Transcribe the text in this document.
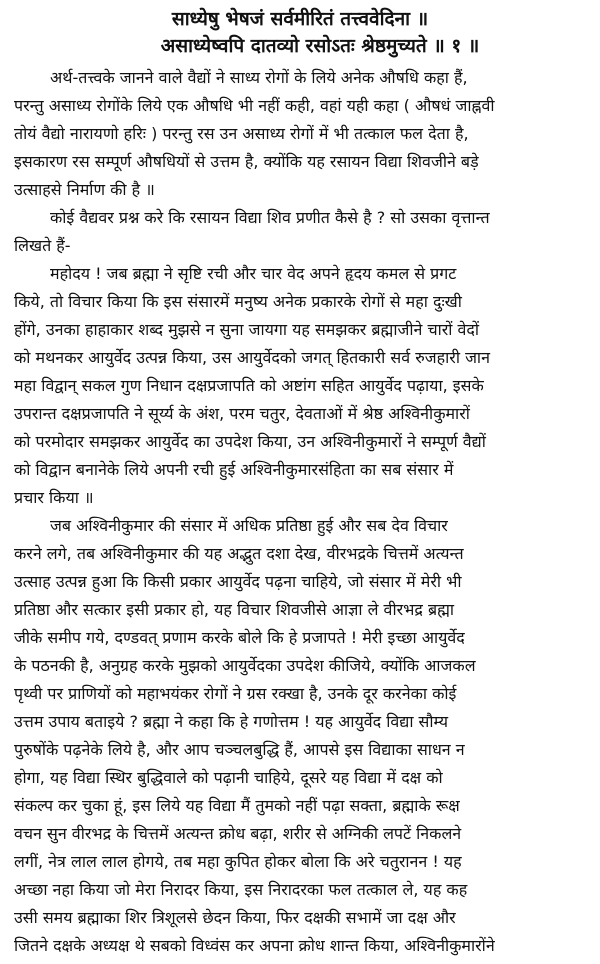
साध्येषु भेषजं सर्वमीरितं तत्त्ववेदिना ॥
असाध्येष्वपि दातव्यो रसोऽतः श्रेष्ठमुच्यते ॥ १ ॥

अर्थ-तत्त्वके जानने वाले वैद्यों ने साध्य रोगों के लिये अनेक औषधि कहा हैं,
परन्तु असाध्य रोगोंके लिये एक औषधि भी नहीं कही, वहां यही कहा ( औषधं जाह्नवी
तोयं वैद्यो नारायणो हरिः ) परन्तु रस उन असाध्य रोगों में भी तत्काल फल देता है,
इसकारण रस सम्पूर्ण औषधियों से उत्तम है, क्योंकि यह रसायन विद्या शिवजीने बड़े
उत्साहसे निर्माण की है ॥

कोई वैद्यवर प्रश्न करे कि रसायन विद्या शिव प्रणीत कैसे है ? सो उसका वृत्तान्त
लिखते हैं-

महोदय ! जब ब्रह्मा ने सृष्टि रची और चार वेद अपने हृदय कमल से प्रगट
किये, तो विचार किया कि इस संसारमें मनुष्य अनेक प्रकारके रोगों से महा दुःखी
होंगे, उनका हाहाकार शब्द मुझसे न सुना जायगा यह समझकर ब्रह्माजीने चारों वेदों
को मथनकर आयुर्वेद उत्पन्न किया, उस आयुर्वेदको जगत् हितकारी सर्व रुजहारी जान
महा विद्वान् सकल गुण निधान दक्षप्रजापति को अष्टांग सहित आयुर्वेद पढ़ाया, इसके
उपरान्त दक्षप्रजापति ने सूर्य्य के अंश, परम चतुर, देवताओं में श्रेष्ठ अश्विनीकुमारों
को परमोदार समझकर आयुर्वेद का उपदेश किया, उन अश्विनीकुमारों ने सम्पूर्ण वैद्यों
को विद्वान बनानेके लिये अपनी रची हुई अश्विनीकुमारसंहिता का सब संसार में
प्रचार किया ॥

जब अश्विनीकुमार की संसार में अधिक प्रतिष्ठा हुई और सब देव विचार
करने लगे, तब अश्विनीकुमार की यह अद्भुत दशा देख, वीरभद्रके चित्तमें अत्यन्त
उत्साह उत्पन्न हुआ कि किसी प्रकार आयुर्वेद पढ़ना चाहिये, जो संसार में मेरी भी
प्रतिष्ठा और सत्कार इसी प्रकार हो, यह विचार शिवजीसे आज्ञा ले वीरभद्र ब्रह्मा
जीके समीप गये, दण्डवत् प्रणाम करके बोले कि हे प्रजापते ! मेरी इच्छा आयुर्वेद
के पठनकी है, अनुग्रह करके मुझको आयुर्वेदका उपदेश कीजिये, क्योंकि आजकल
पृथ्वी पर प्राणियों को महाभयंकर रोगों ने ग्रस रक्खा है, उनके दूर करनेका कोई
उत्तम उपाय बताइये ? ब्रह्मा ने कहा कि हे गणोत्तम ! यह आयुर्वेद विद्या सौम्य
पुरुषोंके पढ़नेके लिये है, और आप चञ्चलबुद्धि हैं, आपसे इस विद्याका साधन न
होगा, यह विद्या स्थिर बुद्धिवाले को पढ़ानी चाहिये, दूसरे यह विद्या में दक्ष को
संकल्प कर चुका हूं, इस लिये यह विद्या मैं तुमको नहीं पढ़ा सक्ता, ब्रह्माके रूक्ष
वचन सुन वीरभद्र के चित्तमें अत्यन्त क्रोध बढ़ा, शरीर से अग्निकी लपटें निकलने
लगीं, नेत्र लाल लाल होगये, तब महा कुपित होकर बोला कि अरे चतुरानन ! यह
अच्छा नहा किया जो मेरा निरादर किया, इस निरादरका फल तत्काल ले, यह कह
उसी समय ब्रह्माका शिर त्रिशूलसे छेदन किया, फिर दक्षकी सभामें जा दक्ष और
जितने दक्षके अध्यक्ष थे सबको विध्वंस कर अपना क्रोध शान्त किया, अश्विनीकुमारोंने
